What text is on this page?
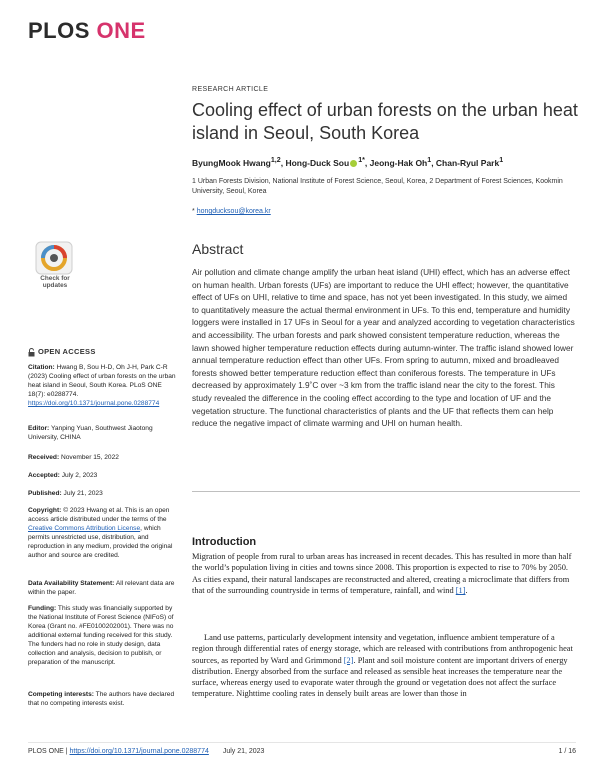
PLOS ONE
Check for updates
OPEN ACCESS

Citation: Hwang B, Sou H-D, Oh J-H, Park C-R (2023) Cooling effect of urban forests on the urban heat island in Seoul, South Korea. PLoS ONE 18(7): e0288774. https://doi.org/10.1371/journal.pone.0288774

Editor: Yanping Yuan, Southwest Jiaotong University, CHINA

Received: November 15, 2022

Accepted: July 2, 2023

Published: July 21, 2023

Copyright: © 2023 Hwang et al. This is an open access article distributed under the terms of the Creative Commons Attribution License, which permits unrestricted use, distribution, and reproduction in any medium, provided the original author and source are credited.

Data Availability Statement: All relevant data are within the paper.

Funding: This study was financially supported by the National Institute of Forest Science (NIFoS) of Korea (Grant no. #FE0100202001). There was no additional external funding received for this study. The funders had no role in study design, data collection and analysis, decision to publish, or preparation of the manuscript.

Competing interests: The authors have declared that no competing interests exist.

RESEARCH ARTICLE
Cooling effect of urban forests on the urban heat island in Seoul, South Korea
ByungMook Hwang$^{1,2}$, Hong-Duck Sou $^{1*}$, Jeong-Hak Oh$^1$, Chan-Ryul Park$^1$
1 Urban Forests Division, National Institute of Forest Science, Seoul, Korea, 2 Department of Forest Sciences, Kookmin University, Seoul, Korea
* hongducksou@korea.kr
Abstract

Air pollution and climate change amplify the urban heat island (UHI) effect, which has an adverse effect on human health. Urban forests (UFs) are important to reduce the UHI effect; however, the quantitative effect of UFs on UHI, relative to time and space, has not yet been investigated. In this study, we aimed to quantitatively measure the actual thermal environment in UFs. To this end, temperature and humidity loggers were installed in 17 UFs in Seoul for a year and analyzed according to vegetation characteristics and accessibility. The urban forests and park showed consistent temperature reduction, whereas the lawn showed higher temperature reduction effects during autumn-winter. The traffic island showed lower annual temperature reduction effect than other UFs. From spring to autumn, mixed and broadleaved forests showed better temperature reduction effect than coniferous forests. The temperature in UFs decreased by approximately 1.9˚C over ~3 km from the traffic island near the city to the forest. This study revealed the difference in the cooling effect according to the type and location of UF and the vegetation structure. The functional characteristics of plants and the UF that reflects them can help reduce the negative impact of climate warming and UHI on human health.

Introduction

Migration of people from rural to urban areas has increased in recent decades. This has resulted in more than half the world’s population living in cities and towns since 2008. This proportion is expected to rise to 70% by 2050. As cities expand, their natural landscapes are reconstructed and altered, creating a microclimate that differs from that of the surrounding countryside in terms of temperature, rainfall, and wind [1].

Land use patterns, particularly development intensity and vegetation, influence ambient temperature of a region through differential rates of energy storage, which are released with contributions from anthropogenic heat sources, as reported by Ward and Grimmond [2]. Plant and soil moisture content are important drivers of energy distribution. Energy absorbed from the surface and released as sensible heat increases the temperature near the surface, whereas energy used to evaporate water through the ground or vegetation does not affect the surface temperature. Nighttime cooling rates in densely built areas are lower than those in

PLOS ONE | https://doi.org/10.1371/journal.pone.0288774 July 21, 2023	1 / 16
